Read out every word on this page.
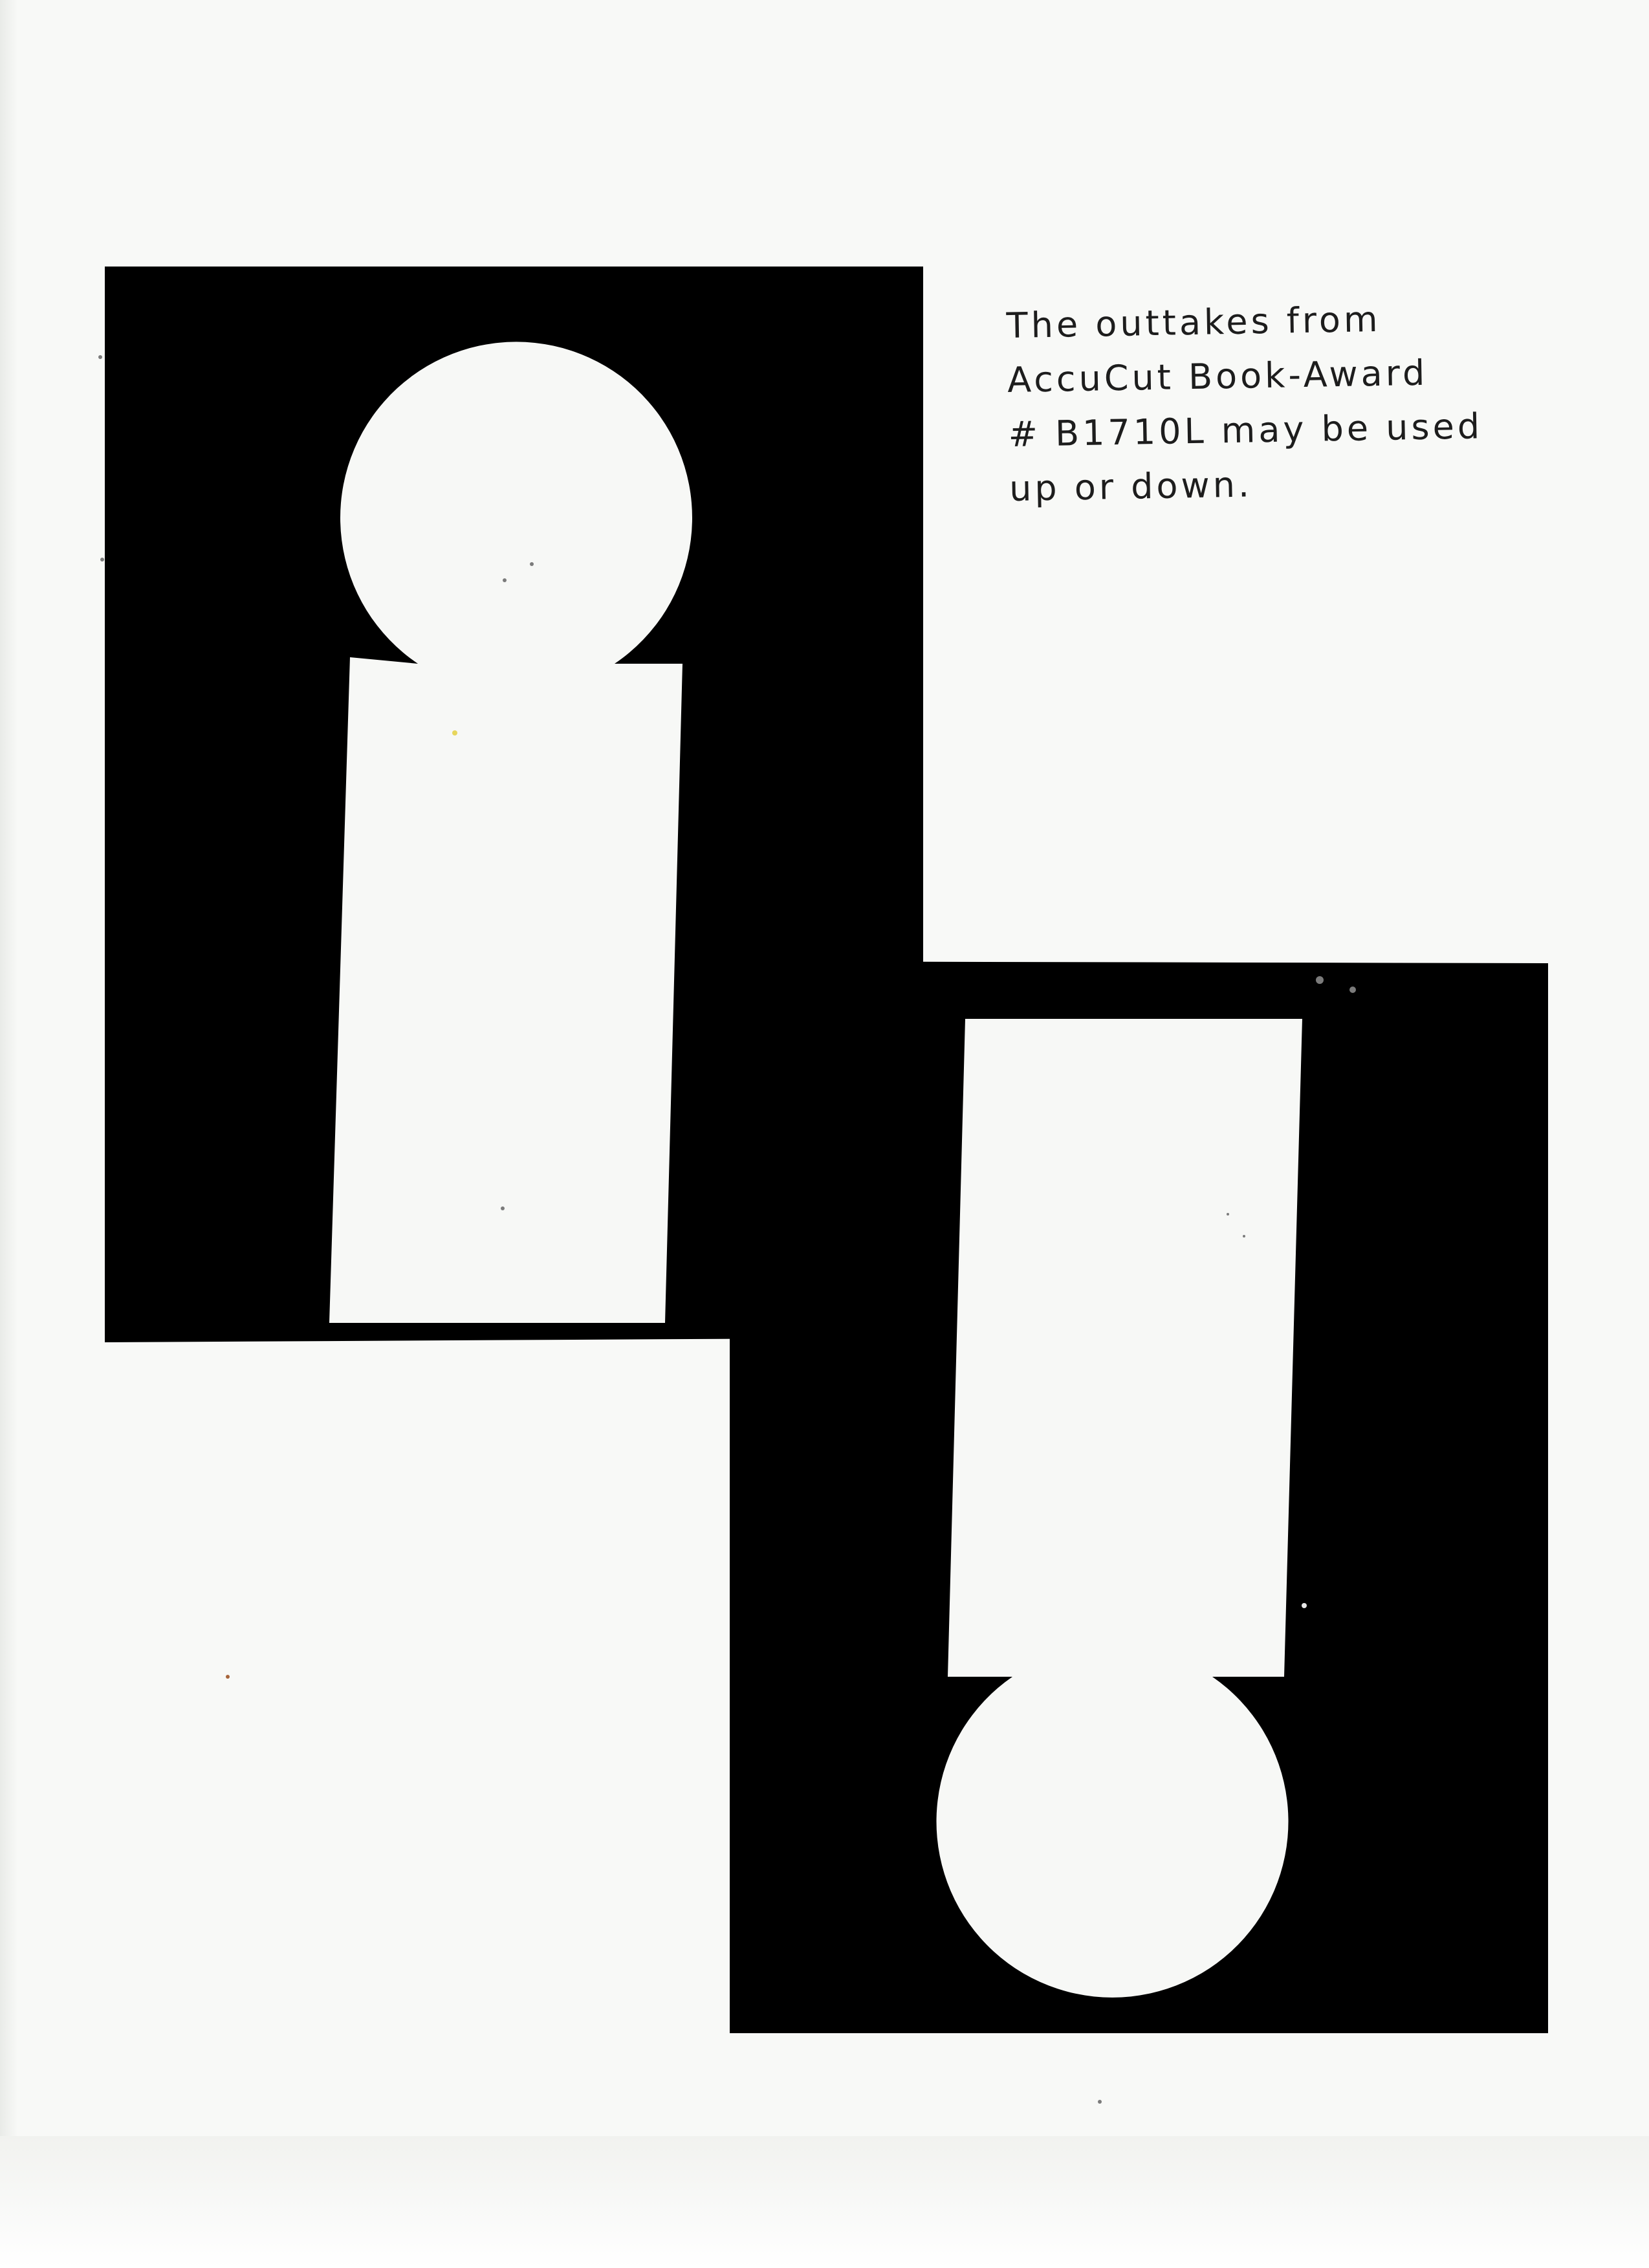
The outtakes from
AccuCut Book-Award
# B1710L may be used
up or down.
